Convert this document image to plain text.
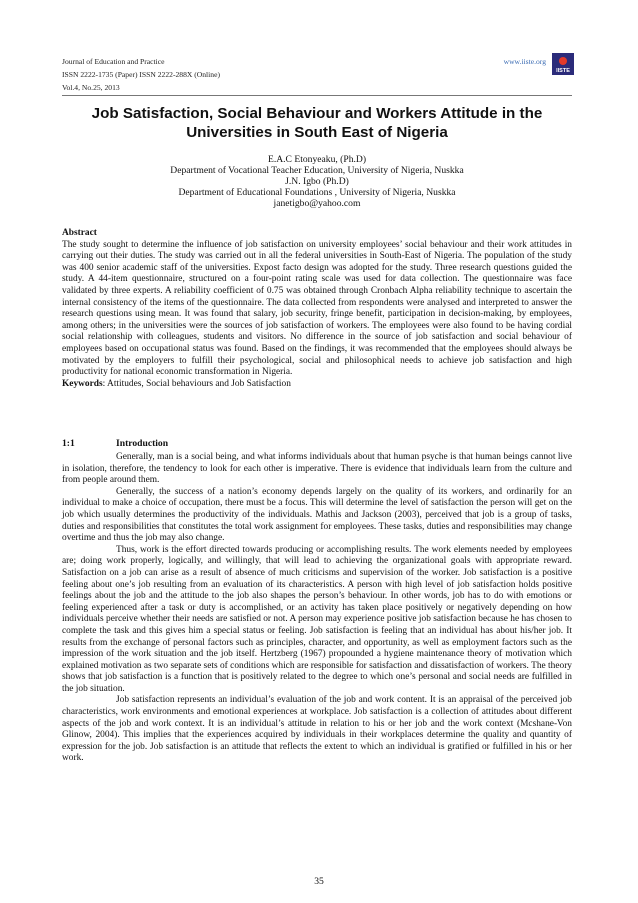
Journal of Education and Practice
ISSN 2222-1735 (Paper) ISSN 2222-288X (Online)
Vol.4, No.25, 2013
www.iiste.org
IISTE
Job Satisfaction, Social Behaviour and Workers Attitude in the Universities in South East of Nigeria
E.A.C Etonyeaku, (Ph.D)
Department of Vocational Teacher Education, University of Nigeria, Nuskka
J.N. Igbo (Ph.D)
Department of Educational Foundations , University of Nigeria, Nuskka
janetigbo@yahoo.com

Abstract

The study sought to determine the influence of job satisfaction on university employees’ social behaviour and their work attitudes in carrying out their duties. The study was carried out in all the federal universities in South-East of Nigeria. The population of the study was 400 senior academic staff of the universities. Expost facto design was adopted for the study. Three research questions guided the study. A 44-item questionnaire, structured on a four-point rating scale was used for data collection. The questionnaire was face validated by three experts. A reliability coefficient of 0.75 was obtained through Cronbach Alpha reliability technique to ascertain the internal consistency of the items of the questionnaire. The data collected from respondents were analysed and interpreted to answer the research questions using mean. It was found that salary, job security, fringe benefit, participation in decision-making, by employees, among others; in the universities were the sources of job satisfaction of workers. The employees were also found to be having cordial social relationship with colleagues, students and visitors. No difference in the source of job satisfaction and social behaviour of employees based on occupational status was found. Based on the findings, it was recommended that the employees should always be motivated by the employers to fulfill their psychological, social and philosophical needs to achieve job satisfaction and high productivity for national economic transformation in Nigeria.

Keywords: Attitudes, Social behaviours and Job Satisfaction

1:1	Introduction

Generally, man is a social being, and what informs individuals about that human psyche is that human beings cannot live in isolation, therefore, the tendency to look for each other is imperative. There is evidence that individuals learn from the culture and from people around them.

Generally, the success of a nation’s economy depends largely on the quality of its workers, and ordinarily for an individual to make a choice of occupation, there must be a focus. This will determine the level of satisfaction the person will get on the job which usually determines the productivity of the individuals. Mathis and Jackson (2003), perceived that job is a group of tasks, duties and responsibilities that constitutes the total work assignment for employees. These tasks, duties and responsibilities may change overtime and thus the job may also change.

Thus, work is the effort directed towards producing or accomplishing results. The work elements needed by employees are; doing work properly, logically, and willingly, that will lead to achieving the organizational goals with appropriate reward. Satisfaction on a job can arise as a result of absence of much criticisms and supervision of the worker. Job satisfaction is a positive feeling about one’s job resulting from an evaluation of its characteristics. A person with high level of job satisfaction holds positive feelings about the job and the attitude to the job also shapes the person’s behaviour. In other words, job has to do with emotions or feeling experienced after a task or duty is accomplished, or an activity has taken place positively or negatively depending on how individuals perceive whether their needs are satisfied or not. A person may experience positive job satisfaction because he has chosen to complete the task and this gives him a special status or feeling. Job satisfaction is feeling that an individual has about his/her job. It results from the exchange of personal factors such as principles, character, and opportunity, as well as employment factors such as the impression of the work situation and the job itself. Hertzberg (1967) propounded a hygiene maintenance theory of motivation which explained motivation as two separate sets of conditions which are responsible for satisfaction and dissatisfaction of workers. The theory shows that job satisfaction is a function that is positively related to the degree to which one’s personal and social needs are fulfilled in the job situation.

Job satisfaction represents an individual’s evaluation of the job and work content. It is an appraisal of the perceived job characteristics, work environments and emotional experiences at workplace. Job satisfaction is a collection of attitudes about different aspects of the job and work context. It is an individual’s attitude in relation to his or her job and the work context (Mcshane-Von Glinow, 2004). This implies that the experiences acquired by individuals in their workplaces determine the quality and quantity of expression for the job. Job satisfaction is an attitude that reflects the extent to which an individual is gratified or fulfilled in his or her work.

35
